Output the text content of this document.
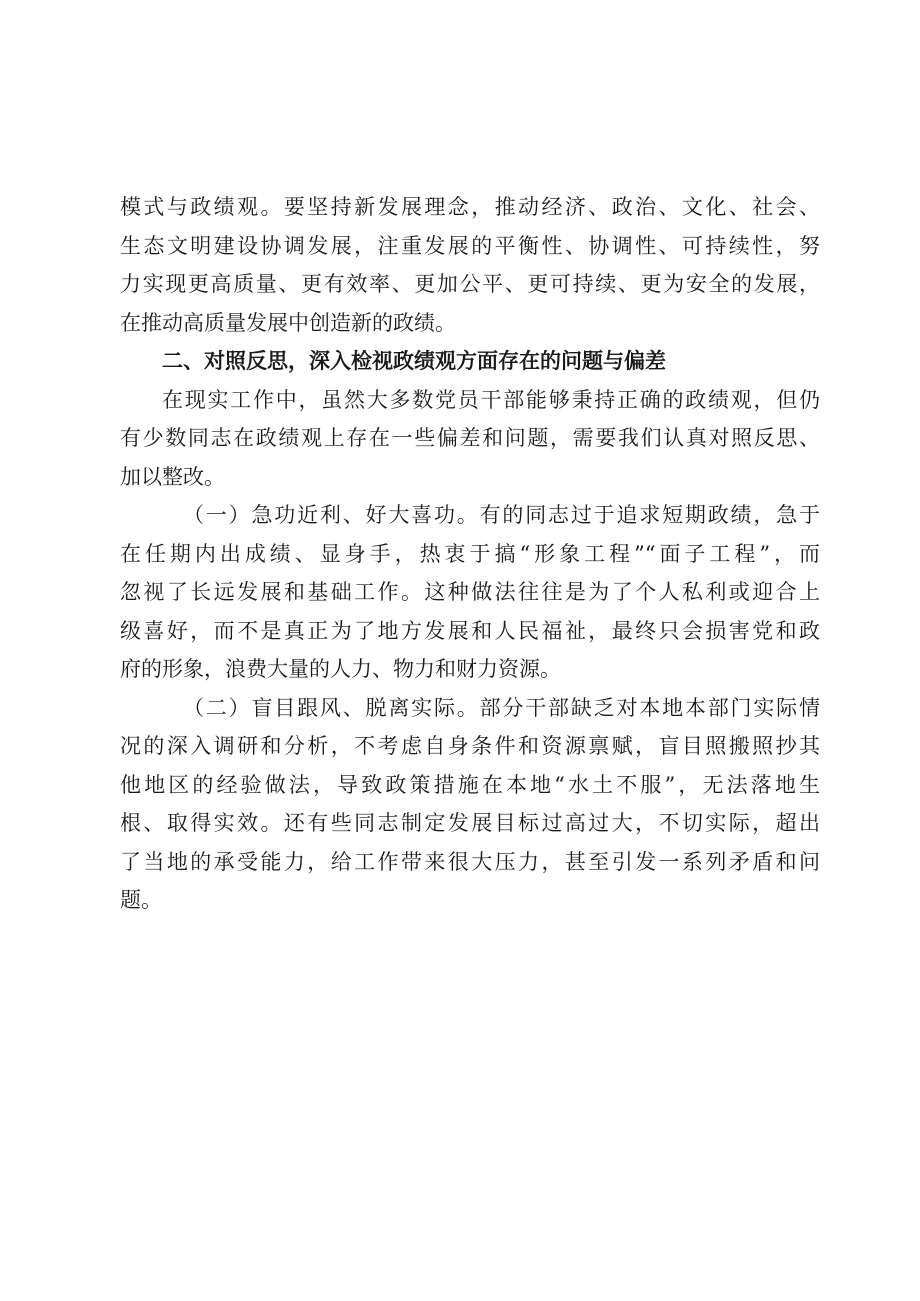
模式与政绩观。要坚持新发展理念，推动经济、政治、文化、社会、
生态文明建设协调发展，注重发展的平衡性、协调性、可持续性，努
力实现更高质量、更有效率、更加公平、更可持续、更为安全的发展，
在推动高质量发展中创造新的政绩。
二、对照反思，深入检视政绩观方面存在的问题与偏差
在现实工作中，虽然大多数党员干部能够秉持正确的政绩观，但仍
有少数同志在政绩观上存在一些偏差和问题，需要我们认真对照反思、
加以整改。
（一）急功近利、好大喜功。有的同志过于追求短期政绩，急于
在任期内出成绩、显身手，热衷于搞“形象工程”“面子工程”，而
忽视了长远发展和基础工作。这种做法往往是为了个人私利或迎合上
级喜好，而不是真正为了地方发展和人民福祉，最终只会损害党和政
府的形象，浪费大量的人力、物力和财力资源。
（二）盲目跟风、脱离实际。部分干部缺乏对本地本部门实际情
况的深入调研和分析，不考虑自身条件和资源禀赋，盲目照搬照抄其
他地区的经验做法，导致政策措施在本地“水土不服”，无法落地生
根、取得实效。还有些同志制定发展目标过高过大，不切实际，超出
了当地的承受能力，给工作带来很大压力，甚至引发一系列矛盾和问
题。
